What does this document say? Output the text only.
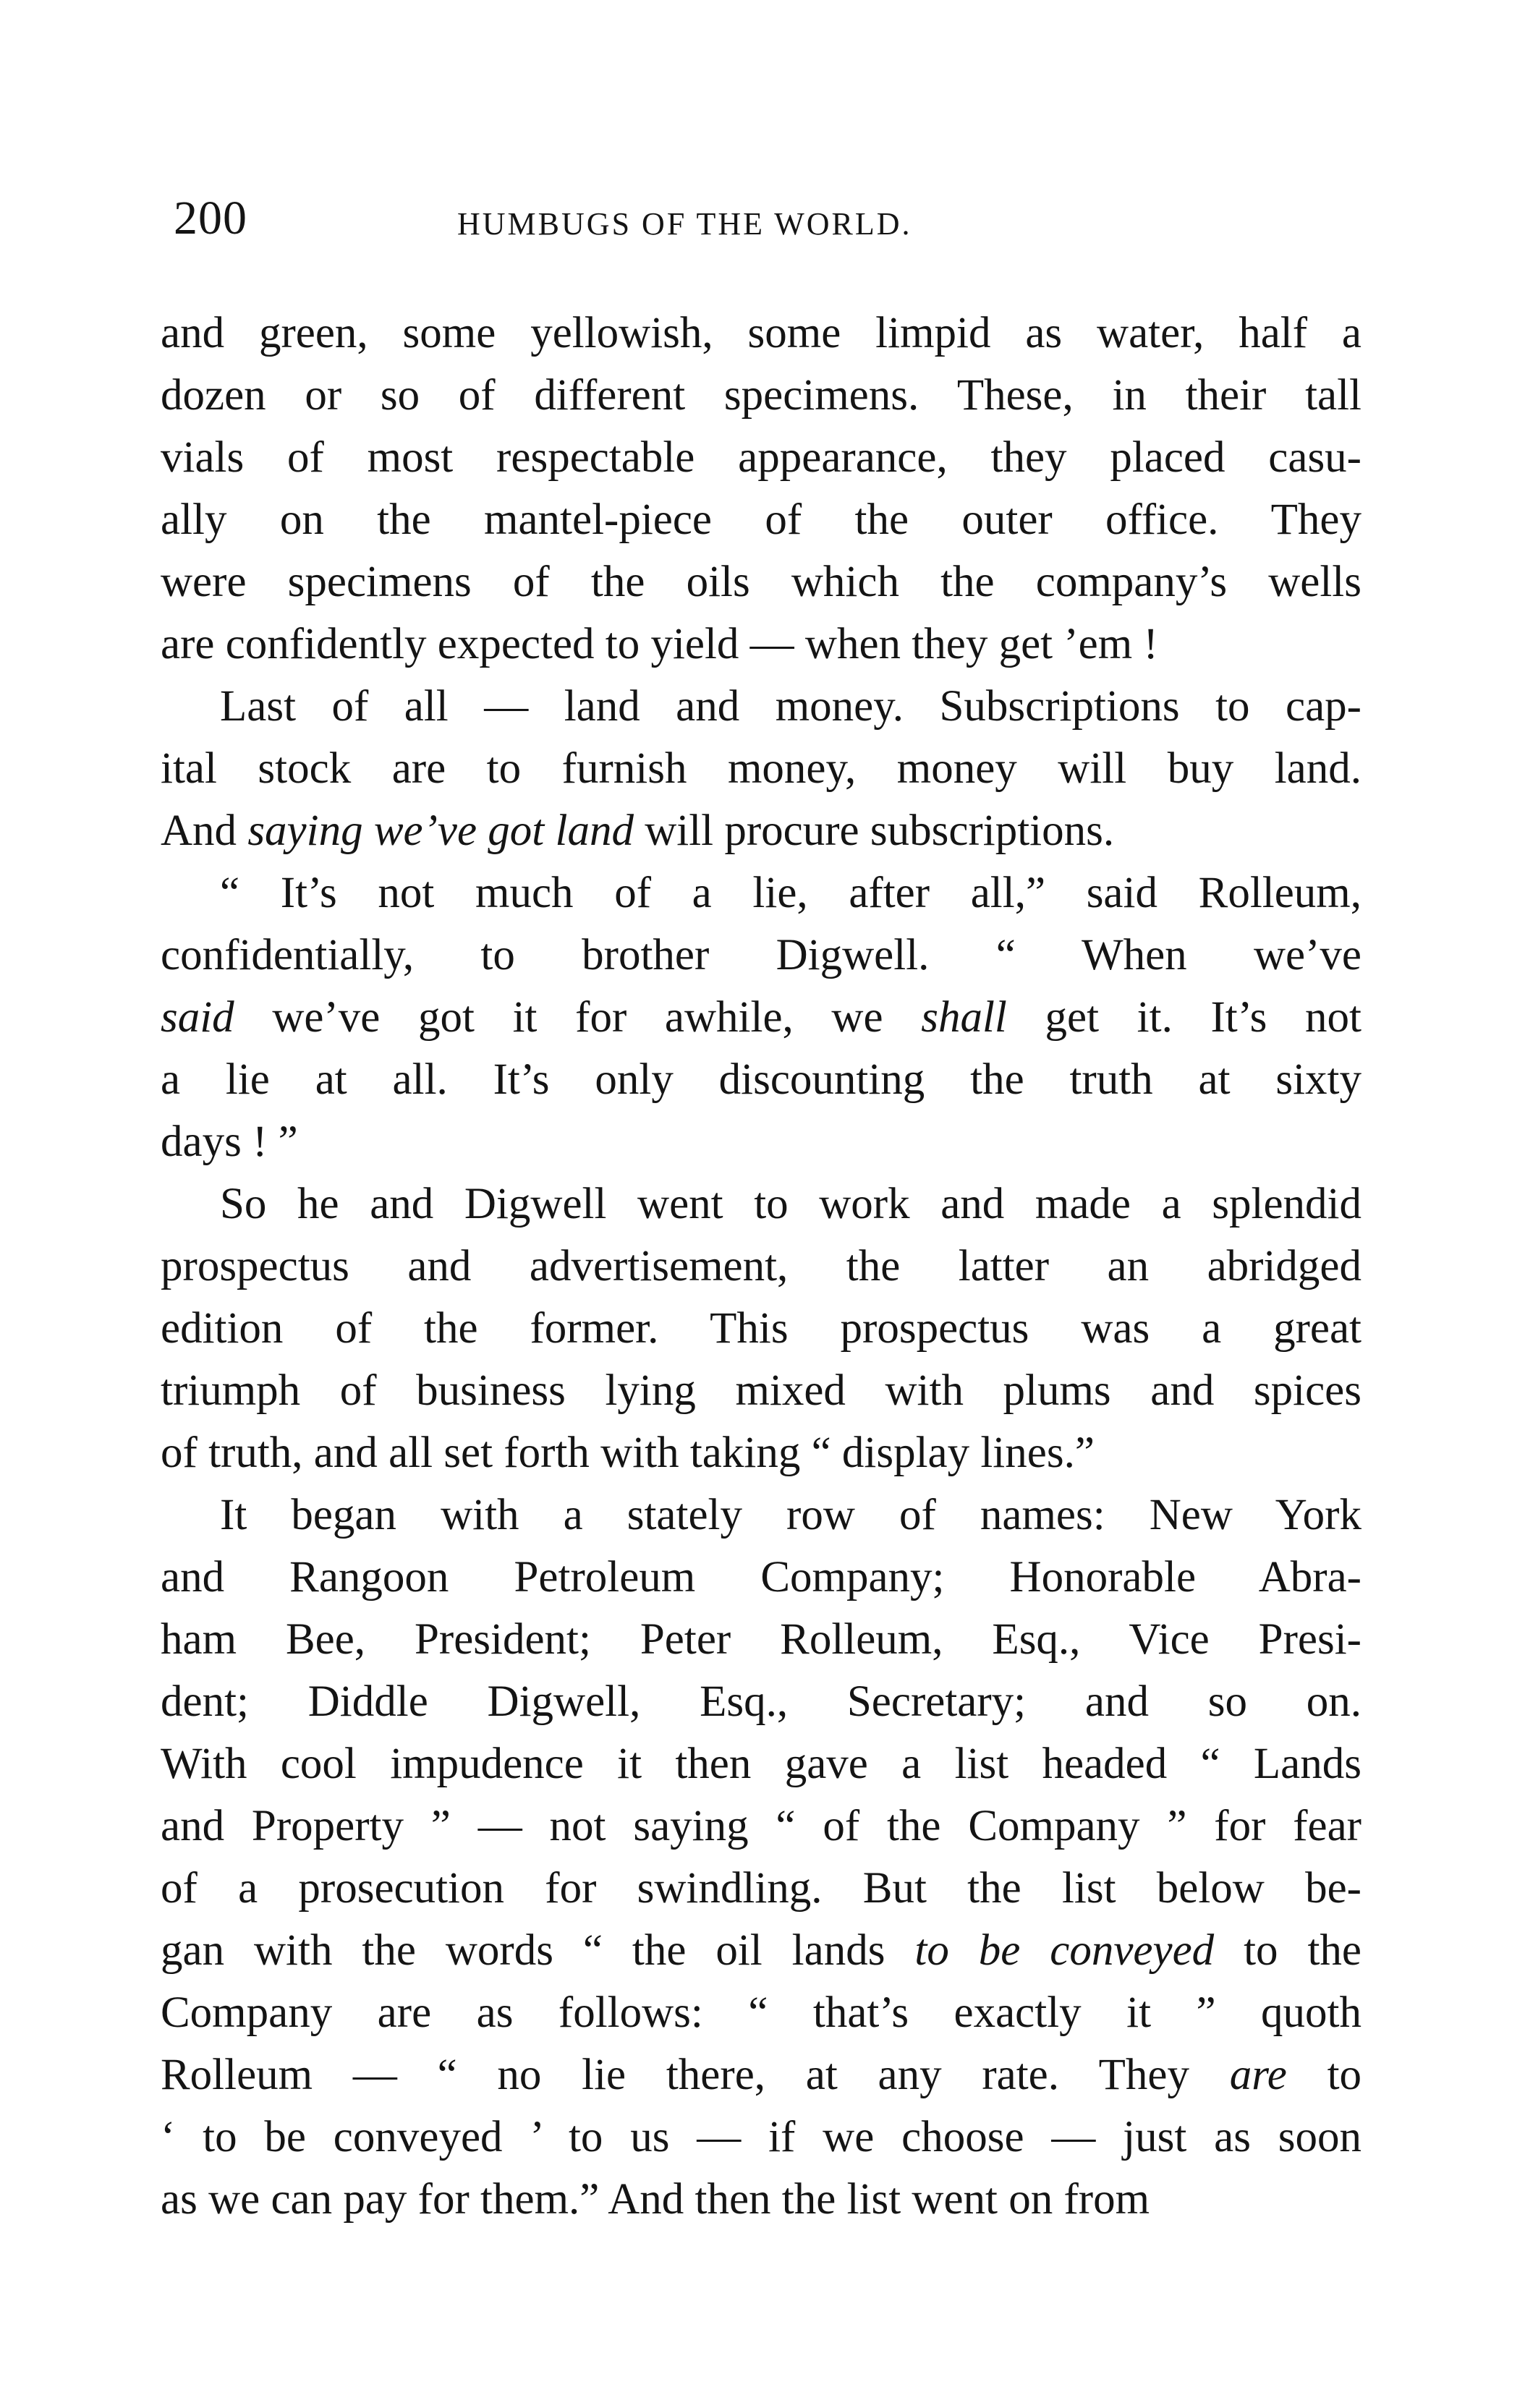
200	HUMBUGS OF THE WORLD.
and green, some yellowish, some limpid as water, half a
dozen or so of different specimens. These, in their tall
vials of most respectable appearance, they placed casu-
ally on the mantel-piece of the outer office. They
were specimens of the oils which the company’s wells
are confidently expected to yield — when they get ’em !
Last of all — land and money. Subscriptions to cap-
ital stock are to furnish money, money will buy land.
And saying we’ve got land will procure subscriptions.
“ It’s not much of a lie, after all,” said Rolleum,
confidentially, to brother Digwell. “ When we’ve
said we’ve got it for awhile, we shall get it. It’s not
a lie at all. It’s only discounting the truth at sixty
days ! ”
So he and Digwell went to work and made a splendid
prospectus and advertisement, the latter an abridged
edition of the former. This prospectus was a great
triumph of business lying mixed with plums and spices
of truth, and all set forth with taking “ display lines.”
It began with a stately row of names: New York
and Rangoon Petroleum Company; Honorable Abra-
ham Bee, President; Peter Rolleum, Esq., Vice Presi-
dent; Diddle Digwell, Esq., Secretary; and so on.
With cool impudence it then gave a list headed “ Lands
and Property ” — not saying “ of the Company ” for fear
of a prosecution for swindling. But the list below be-
gan with the words “ the oil lands to be conveyed to the
Company are as follows: “ that’s exactly it ” quoth
Rolleum — “ no lie there, at any rate. They are to
‘ to be conveyed ’ to us — if we choose — just as soon
as we can pay for them.” And then the list went on from
